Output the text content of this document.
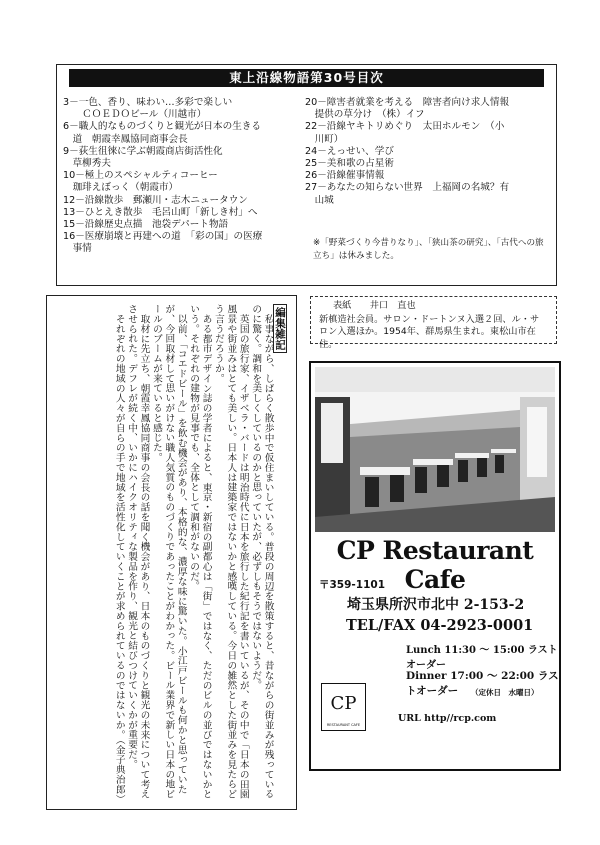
東上沿線物語第30号目次

3－一色、香り、味わい…多彩で楽しい
　　ＣＯＥＤＯビール（川越市）

6－職人的なものづくりと観光が日本の生きる
　道　朝霞幸鳳協同商事会長

9－荻生徂徠に学ぶ朝霞商店街活性化
　草柳秀夫

10－極上のスペシャルティコーヒー
　珈琲えぼっく（朝霞市）

12－沿線散歩　郵瀬川・志木ニュータウン

13－ひとえき散歩　毛呂山町「新しき村」へ

15－沿線歴史点描　池袋デパート物語

16－医療崩壊と再建への道　「彩の国」の医療
　事情

20－障害者就業を考える　障害者向け求人情報
　提供の草分け　（株）イフ

22－沿線ヤキトリめぐり　太田ホルモン　（小
　川町）

24－えっせい、学び

25－美和歌の占星術

26－沿線催事情報

27－あなたの知らない世界　上福岡の名城？有
　山城

※「野菜づくり今昔りなり」、「狭山茶の研究」、「古代への旅立ち」は休みました。
編集雑記

私事ながら、しばらく散歩中で仮住まいしている。普段の周辺を散策すると、昔ながらの街並みが残っているのに驚く。調和を美しくしているのかと思っていたが、必ずしもそうではないようだ。

英国の旅行家、イザベラ・バードは明治時代に日本を旅行した紀行記を書いているが、その中で「日本の田園風景や街並みはとても美しい。日本人は建築家ではないかと感嘆している。今日の雑然とした街並みを見たらどう言うだろうか。

ある都市デザイン誌の学者によると、東京・新宿の副都心は「街」ではなく、ただのビルの並びではないかという。それぞれの建物が見事でも、全体として調和がないのだ。

以前、「コエドビール」を飲む機会があり、本格的な、濃厚な味に驚いた。小江戸ビールも何かと思っていたが、今回取材して思いがけない職人気質のものづくりであったことがわかった。ビール業界で新しい日本の地ビールのブームが来ていると感じた。

取材に先立ち、朝霞幸鳳協同商事の会長の話を聞く機会があり、日本のものづくりと観光の未来について考えさせられた。デフレが続く中、いかにハイクオリティな製品を作り、観光と結びつけていくかが重要だ。

それぞれの地域の人々が自らの手で地域を活性化していくことが求められているのではないか。（金子典治郎）

表紙　　井口　直也
新槙造社会員。サロン・ドートンヌ入選２回、ル・サロン入選ほか。1954年、群馬県生まれ。東松山市在住。
CP Restaurant Cafe
〒359-1101
埼玉県所沢市北中 2-153-2
TEL/FAX 04-2923-0001
Lunch 11:30 〜 15:00 ラストオーダー
CP
RESTAURANT CAFE
Dinner 17:00 〜 22:00 ラストオーダー	（定休日　水曜日）
URL http//rcp.com
